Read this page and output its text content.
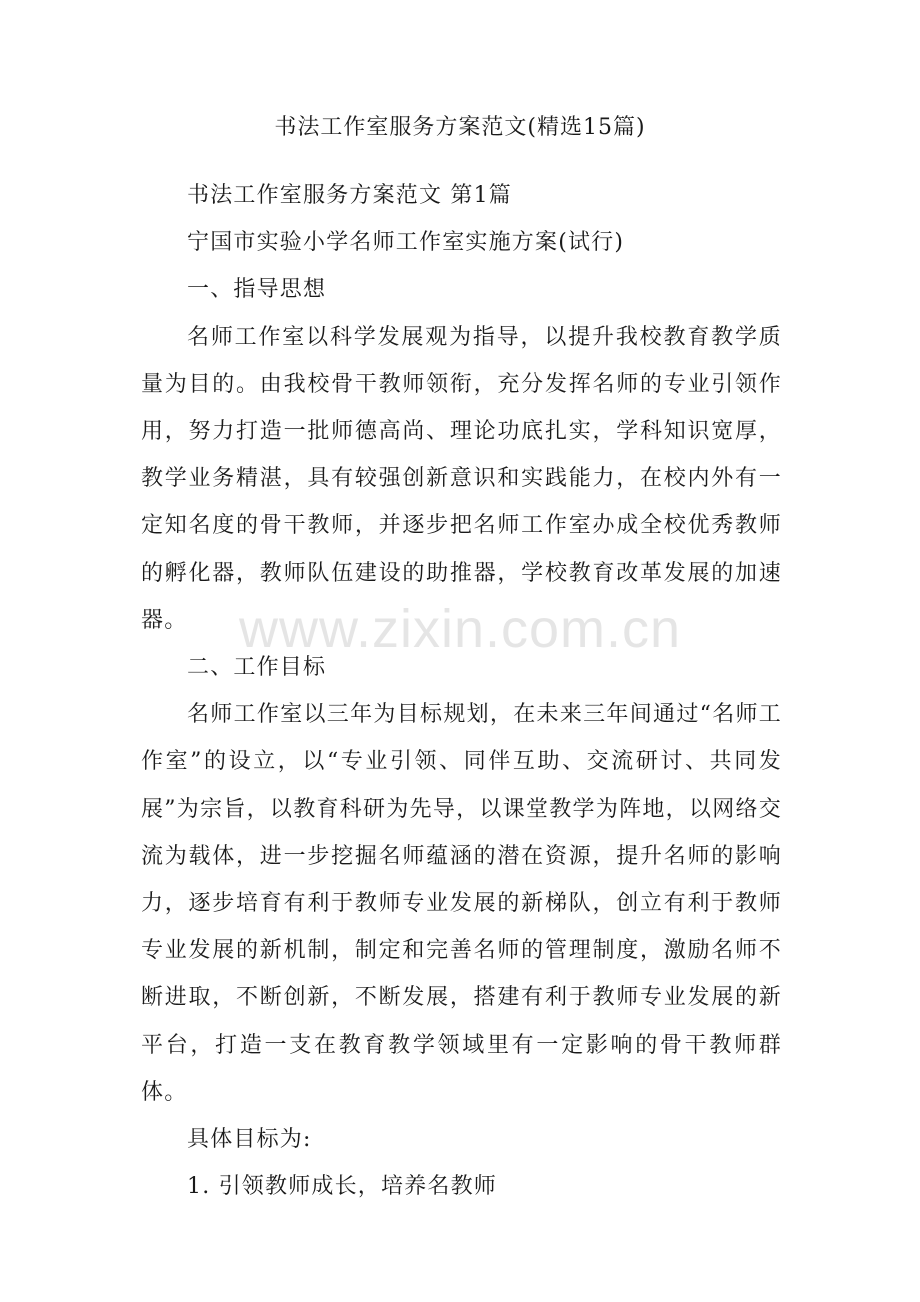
书法工作室服务方案范文(精选15篇)

书法工作室服务方案范文 第1篇

宁国市实验小学名师工作室实施方案(试行)

一、指导思想

名师工作室以科学发展观为指导，以提升我校教育教学质量为目的。由我校骨干教师领衔，充分发挥名师的专业引领作用，努力打造一批师德高尚、理论功底扎实，学科知识宽厚，教学业务精湛，具有较强创新意识和实践能力，在校内外有一定知名度的骨干教师，并逐步把名师工作室办成全校优秀教师的孵化器，教师队伍建设的助推器，学校教育改革发展的加速器。

二、工作目标

名师工作室以三年为目标规划，在未来三年间通过“名师工作室”的设立，以“专业引领、同伴互助、交流研讨、共同发展”为宗旨，以教育科研为先导，以课堂教学为阵地，以网络交流为载体，进一步挖掘名师蕴涵的潜在资源，提升名师的影响力，逐步培育有利于教师专业发展的新梯队，创立有利于教师专业发展的新机制，制定和完善名师的管理制度，激励名师不断进取，不断创新，不断发展，搭建有利于教师专业发展的新平台，打造一支在教育教学领域里有一定影响的骨干教师群体。

具体目标为:

1. 引领教师成长，培养名教师

www.zixin.com.cn
